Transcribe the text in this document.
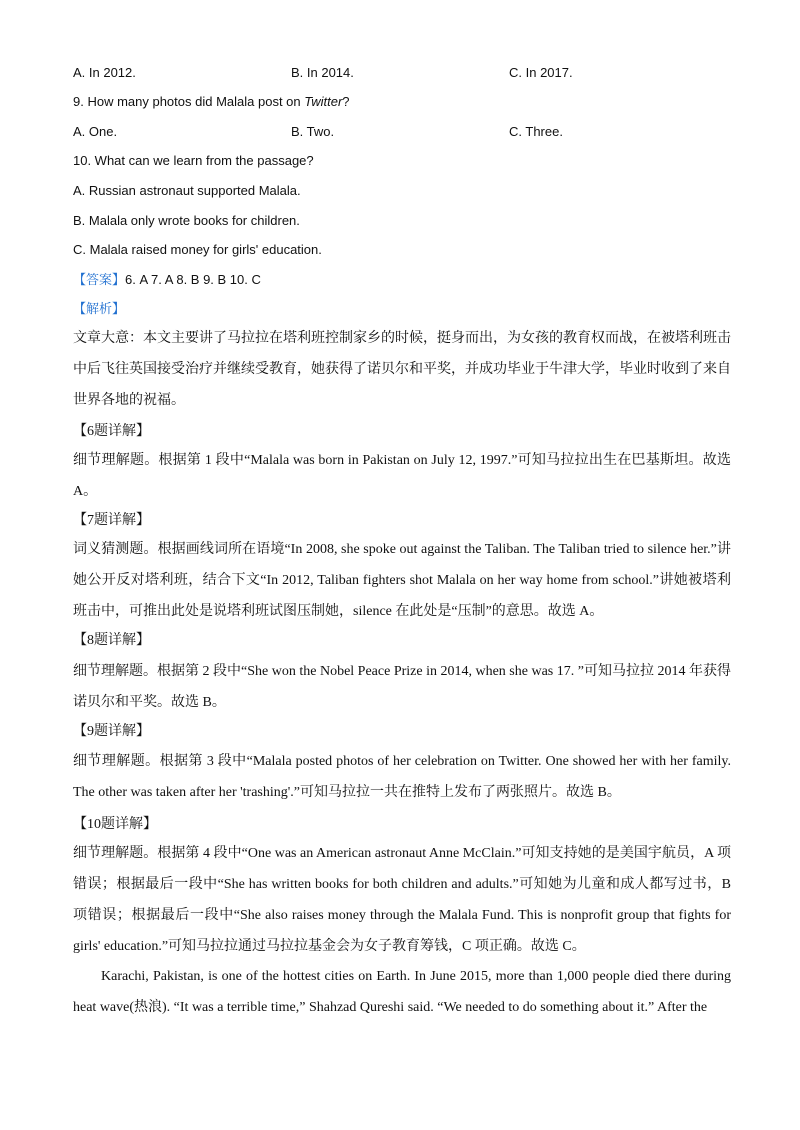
A. In 2012.	B. In 2014.	C. In 2017.
9. How many photos did Malala post on Twitter?
A. One.	B. Two.	C. Three.
10. What can we learn from the passage?
A. Russian astronaut supported Malala.
B. Malala only wrote books for children.
C. Malala raised money for girls' education.
【答案】6. A 7. A 8. B 9. B 10. C
【解析】
文章大意：本文主要讲了马拉拉在塔利班控制家乡的时候，挺身而出，为女孩的教育权而战，在被塔利班击中后飞往英国接受治疗并继续受教育，她获得了诺贝尔和平奖，并成功毕业于牛津大学，毕业时收到了来自世界各地的祝福。
【6题详解】
细节理解题。根据第 1 段中“Malala was born in Pakistan on July 12, 1997.”可知马拉拉出生在巴基斯坦。故选A。
【7题详解】
词义猜测题。根据画线词所在语境“In 2008, she spoke out against the Taliban. The Taliban tried to silence her.”讲她公开反对塔利班，结合下文“In 2012, Taliban fighters shot Malala on her way home from school.”讲她被塔利班击中，可推出此处是说塔利班试图压制她，silence 在此处是“压制”的意思。故选 A。
【8题详解】
细节理解题。根据第 2 段中“She won the Nobel Peace Prize in 2014, when she was 17. ”可知马拉拉 2014 年获得诺贝尔和平奖。故选 B。
【9题详解】
细节理解题。根据第 3 段中“Malala posted photos of her celebration on Twitter. One showed her with her family. The other was taken after her 'trashing'.”可知马拉拉一共在推特上发布了两张照片。故选 B。
【10题详解】
细节理解题。根据第 4 段中“One was an American astronaut Anne McClain.”可知支持她的是美国宇航员，A 项错误；根据最后一段中“She has written books for both children and adults.”可知她为儿童和成人都写过书，B 项错误；根据最后一段中“She also raises money through the Malala Fund. This is nonprofit group that fights for girls' education.”可知马拉拉通过马拉拉基金会为女子教育筹钱，C 项正确。故选 C。
Karachi, Pakistan, is one of the hottest cities on Earth. In June 2015, more than 1,000 people died there during heat wave(热浪). “It was a terrible time,” Shahzad Qureshi said. “We needed to do something about it.” After the
